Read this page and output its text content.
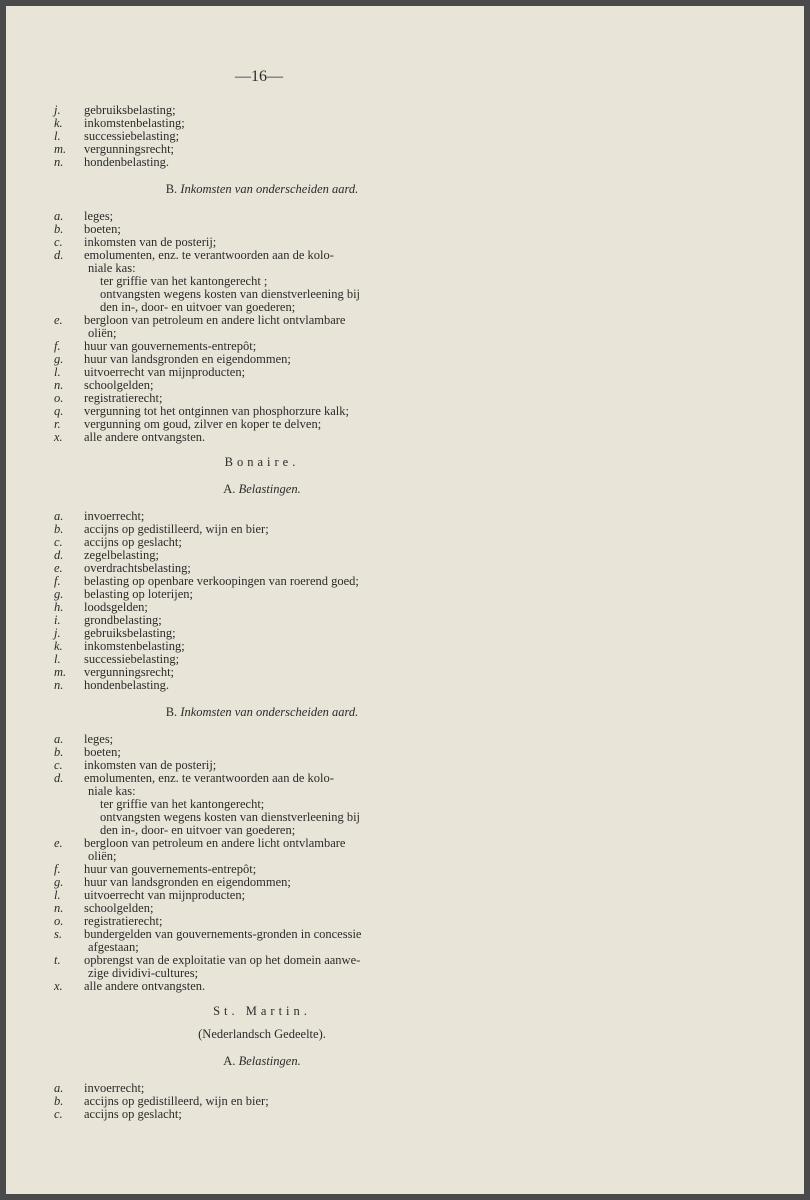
—16—
j.	gebruiksbelasting;
k.	inkomstenbelasting;
l.	successiebelasting;
m.	vergunningsrecht;
n.	hondenbelasting.
B. Inkomsten van onderscheiden aard.
a.	leges;
b.	boeten;
c.	inkomsten van de posterij;
d.	emolumenten, enz. te verantwoorden aan de kolo-
niale kas:
ter griffie van het kantongerecht ;
ontvangsten wegens kosten van dienstverleening bij
den in-, door- en uitvoer van goederen;
e.	bergloon van petroleum en andere licht ontvlambare
oliën;
f.	huur van gouvernements-entrepôt;
g.	huur van landsgronden en eigendommen;
l.	uitvoerrecht van mijnproducten;
n.	schoolgelden;
o.	registratierecht;
q.	vergunning tot het ontginnen van phosphorzure kalk;
r.	vergunning om goud, zilver en koper te delven;
x.	alle andere ontvangsten.
Bonaire.
A. Belastingen.
a.	invoerrecht;
b.	accijns op gedistilleerd, wijn en bier;
c.	accijns op geslacht;
d.	zegelbelasting;
e.	overdrachtsbelasting;
f.	belasting op openbare verkoopingen van roerend goed;
g.	belasting op loterijen;
h.	loodsgelden;
i.	grondbelasting;
j.	gebruiksbelasting;
k.	inkomstenbelasting;
l.	successiebelasting;
m.	vergunningsrecht;
n.	hondenbelasting.
B. Inkomsten van onderscheiden aard.
a.	leges;
b.	boeten;
c.	inkomsten van de posterij;
d.	emolumenten, enz. te verantwoorden aan de kolo-
niale kas:
ter griffie van het kantongerecht;
ontvangsten wegens kosten van dienstverleening bij
den in-, door- en uitvoer van goederen;
e.	bergloon van petroleum en andere licht ontvlambare
oliën;
f.	huur van gouvernements-entrepôt;
g.	huur van landsgronden en eigendommen;
l.	uitvoerrecht van mijnproducten;
n.	schoolgelden;
o.	registratierecht;
s.	bundergelden van gouvernements-gronden in concessie
afgestaan;
t.	opbrengst van de exploitatie van op het domein aanwe-
zige dividivi-cultures;
x.	alle andere ontvangsten.
St. Martin.
(Nederlandsch Gedeelte).
A. Belastingen.
a.	invoerrecht;
b.	accijns op gedistilleerd, wijn en bier;
c.	accijns op geslacht;
